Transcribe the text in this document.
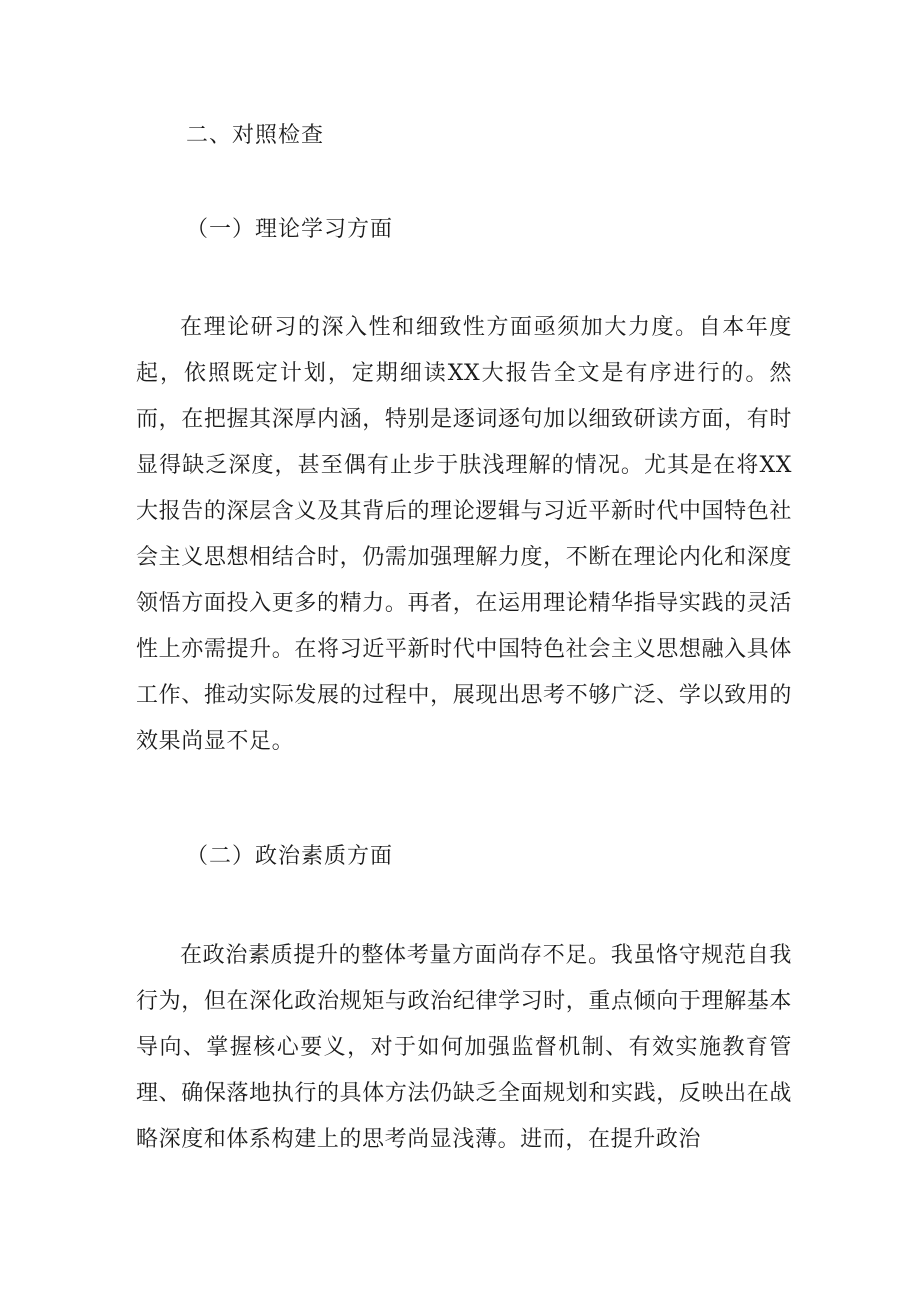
二、对照检查
（一）理论学习方面

在理论研习的深入性和细致性方面亟须加大力度。自本年度起，依照既定计划，定期细读XX大报告全文是有序进行的。然而，在把握其深厚内涵，特别是逐词逐句加以细致研读方面，有时显得缺乏深度，甚至偶有止步于肤浅理解的情况。尤其是在将XX大报告的深层含义及其背后的理论逻辑与习近平新时代中国特色社会主义思想相结合时，仍需加强理解力度，不断在理论内化和深度领悟方面投入更多的精力。再者，在运用理论精华指导实践的灵活性上亦需提升。在将习近平新时代中国特色社会主义思想融入具体工作、推动实际发展的过程中，展现出思考不够广泛、学以致用的效果尚显不足。

（二）政治素质方面

在政治素质提升的整体考量方面尚存不足。我虽恪守规范自我行为，但在深化政治规矩与政治纪律学习时，重点倾向于理解基本导向、掌握核心要义，对于如何加强监督机制、有效实施教育管理、确保落地执行的具体方法仍缺乏全面规划和实践，反映出在战略深度和体系构建上的思考尚显浅薄。进而，在提升政治
